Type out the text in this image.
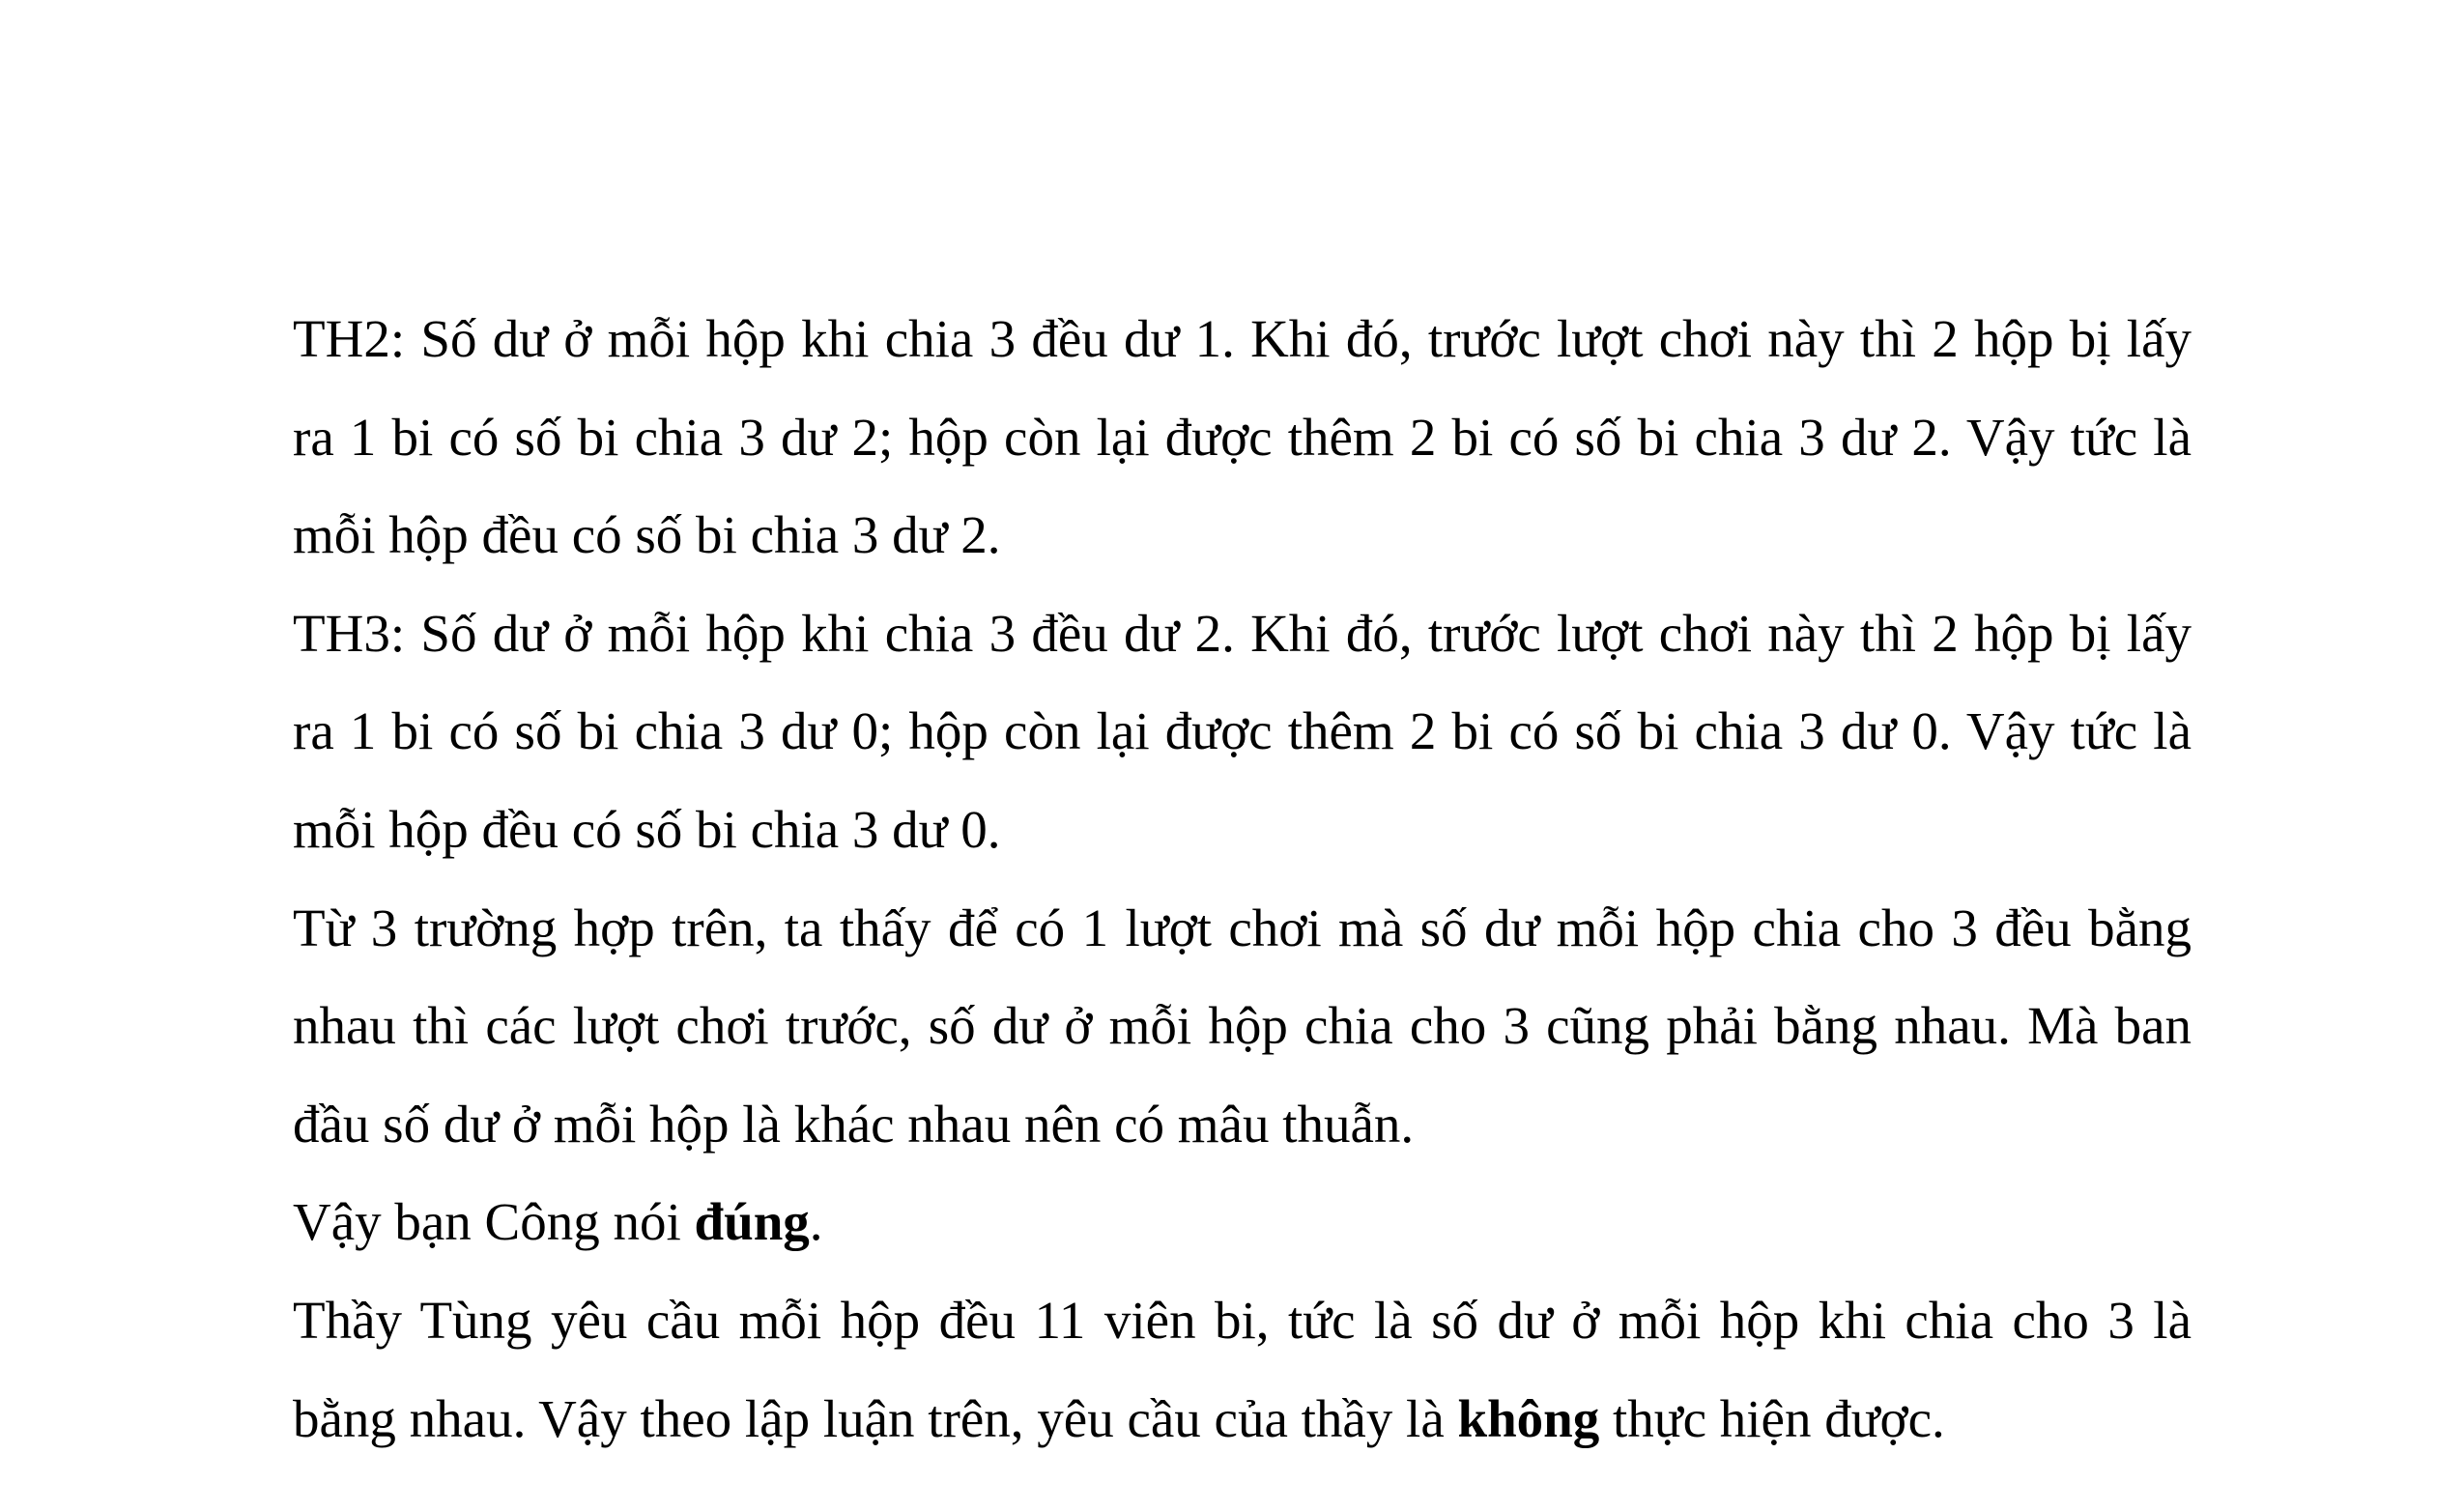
TH2: Số dư ở mỗi hộp khi chia 3 đều dư 1. Khi đó, trước lượt chơi này thì 2 hộp bị lấy ra 1 bi có số bi chia 3 dư 2; hộp còn lại được thêm 2 bi có số bi chia 3 dư 2. Vậy tức là mỗi hộp đều có số bi chia 3 dư 2.

TH3: Số dư ở mỗi hộp khi chia 3 đều dư 2. Khi đó, trước lượt chơi này thì 2 hộp bị lấy ra 1 bi có số bi chia 3 dư 0; hộp còn lại được thêm 2 bi có số bi chia 3 dư 0. Vậy tức là mỗi hộp đều có số bi chia 3 dư 0.

Từ 3 trường hợp trên, ta thấy để có 1 lượt chơi mà số dư mỗi hộp chia cho 3 đều bằng nhau thì các lượt chơi trước, số dư ở mỗi hộp chia cho 3 cũng phải bằng nhau. Mà ban đầu số dư ở mỗi hộp là khác nhau nên có mâu thuẫn.

Vậy bạn Công nói đúng.

Thầy Tùng yêu cầu mỗi hộp đều 11 viên bi, tức là số dư ở mỗi hộp khi chia cho 3 là bằng nhau. Vậy theo lập luận trên, yêu cầu của thầy là không thực hiện được.
